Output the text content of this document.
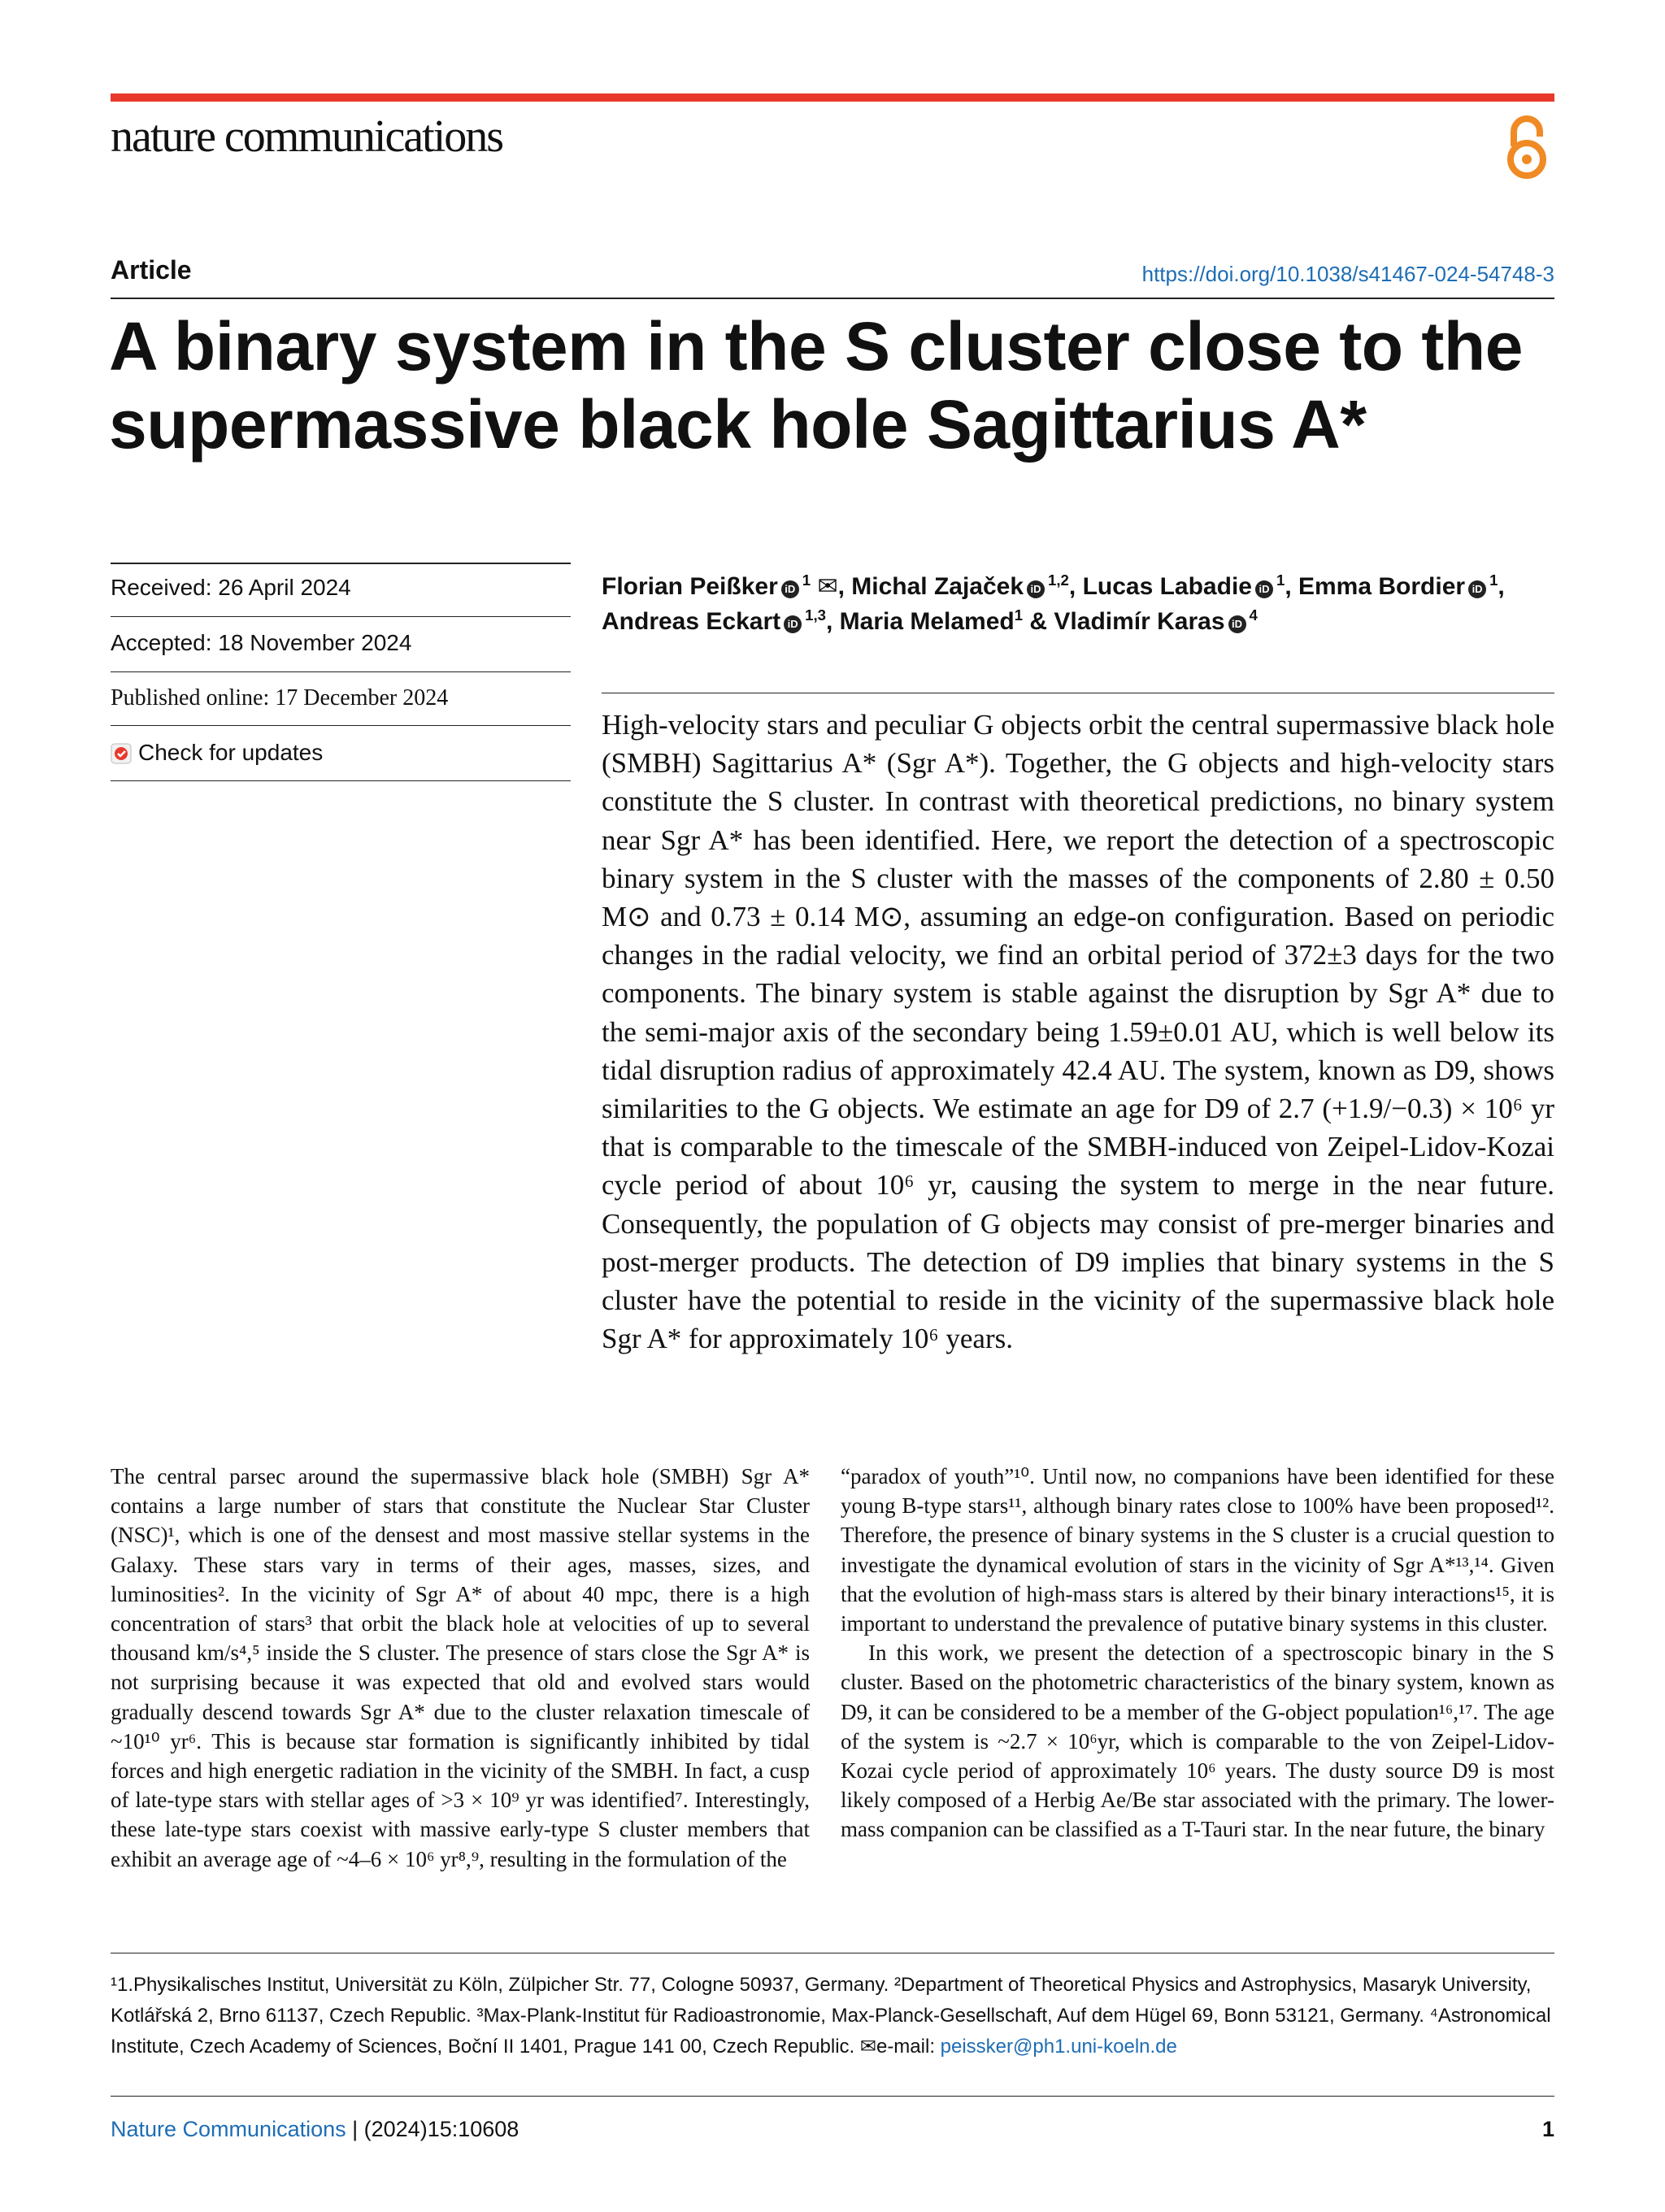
nature communications
Article	https://doi.org/10.1038/s41467-024-54748-3
A binary system in the S cluster close to the supermassive black hole Sagittarius A*
Received: 26 April 2024
Accepted: 18 November 2024
Published online: 17 December 2024
Check for updates
Florian Peißker $iD^1$ ✉, Michal Zajaček iD$^{1,2}$, Lucas Labadie $iD^1$, Emma Bordier $iD^1$, Andreas Eckart iD$^{1,3}$, Maria Melamed$^1$ & Vladimír Karas $iD^4$

High-velocity stars and peculiar G objects orbit the central supermassive black hole (SMBH) Sagittarius A* (Sgr A*). Together, the G objects and high-velocity stars constitute the S cluster. In contrast with theoretical predictions, no binary system near Sgr A* has been identified. Here, we report the detection of a spectroscopic binary system in the S cluster with the masses of the components of 2.80 ± 0.50 M⊙ and 0.73 ± 0.14 M⊙, assuming an edge-on configuration. Based on periodic changes in the radial velocity, we find an orbital period of 372±3 days for the two components. The binary system is stable against the disruption by Sgr A* due to the semi-major axis of the secondary being 1.59±0.01 AU, which is well below its tidal disruption radius of approximately 42.4 AU. The system, known as D9, shows similarities to the G objects. We estimate an age for D9 of 2.7 (+1.9/−0.3) × 10⁶ yr that is comparable to the timescale of the SMBH-induced von Zeipel-Lidov-Kozai cycle period of about 10⁶ yr, causing the system to merge in the near future. Consequently, the population of G objects may consist of pre-merger binaries and post-merger products. The detection of D9 implies that binary systems in the S cluster have the potential to reside in the vicinity of the supermassive black hole Sgr A* for approximately 10⁶ years.

The central parsec around the supermassive black hole (SMBH) Sgr A* contains a large number of stars that constitute the Nuclear Star Cluster (NSC)¹, which is one of the densest and most massive stellar systems in the Galaxy. These stars vary in terms of their ages, masses, sizes, and luminosities². In the vicinity of Sgr A* of about 40 mpc, there is a high concentration of stars³ that orbit the black hole at velocities of up to several thousand km/s⁴,⁵ inside the S cluster. The presence of stars close the Sgr A* is not surprising because it was expected that old and evolved stars would gradually descend towards Sgr A* due to the cluster relaxation timescale of ~10¹⁰ yr⁶. This is because star formation is significantly inhibited by tidal forces and high energetic radiation in the vicinity of the SMBH. In fact, a cusp of late-type stars with stellar ages of >3 × 10⁹ yr was identified⁷. Interestingly, these late-type stars coexist with massive early-type S cluster members that exhibit an average age of ~4–6 × 10⁶ yr⁸,⁹, resulting in the formulation of the

“paradox of youth”¹⁰. Until now, no companions have been identified for these young B-type stars¹¹, although binary rates close to 100% have been proposed¹². Therefore, the presence of binary systems in the S cluster is a crucial question to investigate the dynamical evolution of stars in the vicinity of Sgr A*¹³,¹⁴. Given that the evolution of high-mass stars is altered by their binary interactions¹⁵, it is important to understand the prevalence of putative binary systems in this cluster.

In this work, we present the detection of a spectroscopic binary in the S cluster. Based on the photometric characteristics of the binary system, known as D9, it can be considered to be a member of the G-object population¹⁶,¹⁷. The age of the system is ~2.7 × 10⁶yr, which is comparable to the von Zeipel-Lidov-Kozai cycle period of approximately 10⁶ years. The dusty source D9 is most likely composed of a Herbig Ae/Be star associated with the primary. The lower-mass companion can be classified as a T-Tauri star. In the near future, the binary

¹1.Physikalisches Institut, Universität zu Köln, Zülpicher Str. 77, Cologne 50937, Germany. ²Department of Theoretical Physics and Astrophysics, Masaryk University, Kotlářská 2, Brno 61137, Czech Republic. ³Max-Plank-Institut für Radioastronomie, Max-Planck-Gesellschaft, Auf dem Hügel 69, Bonn 53121, Germany. ⁴Astronomical Institute, Czech Academy of Sciences, Boční II 1401, Prague 141 00, Czech Republic. ✉e-mail: peissker@ph1.uni-koeln.de

Nature Communications | (2024)15:10608	1
